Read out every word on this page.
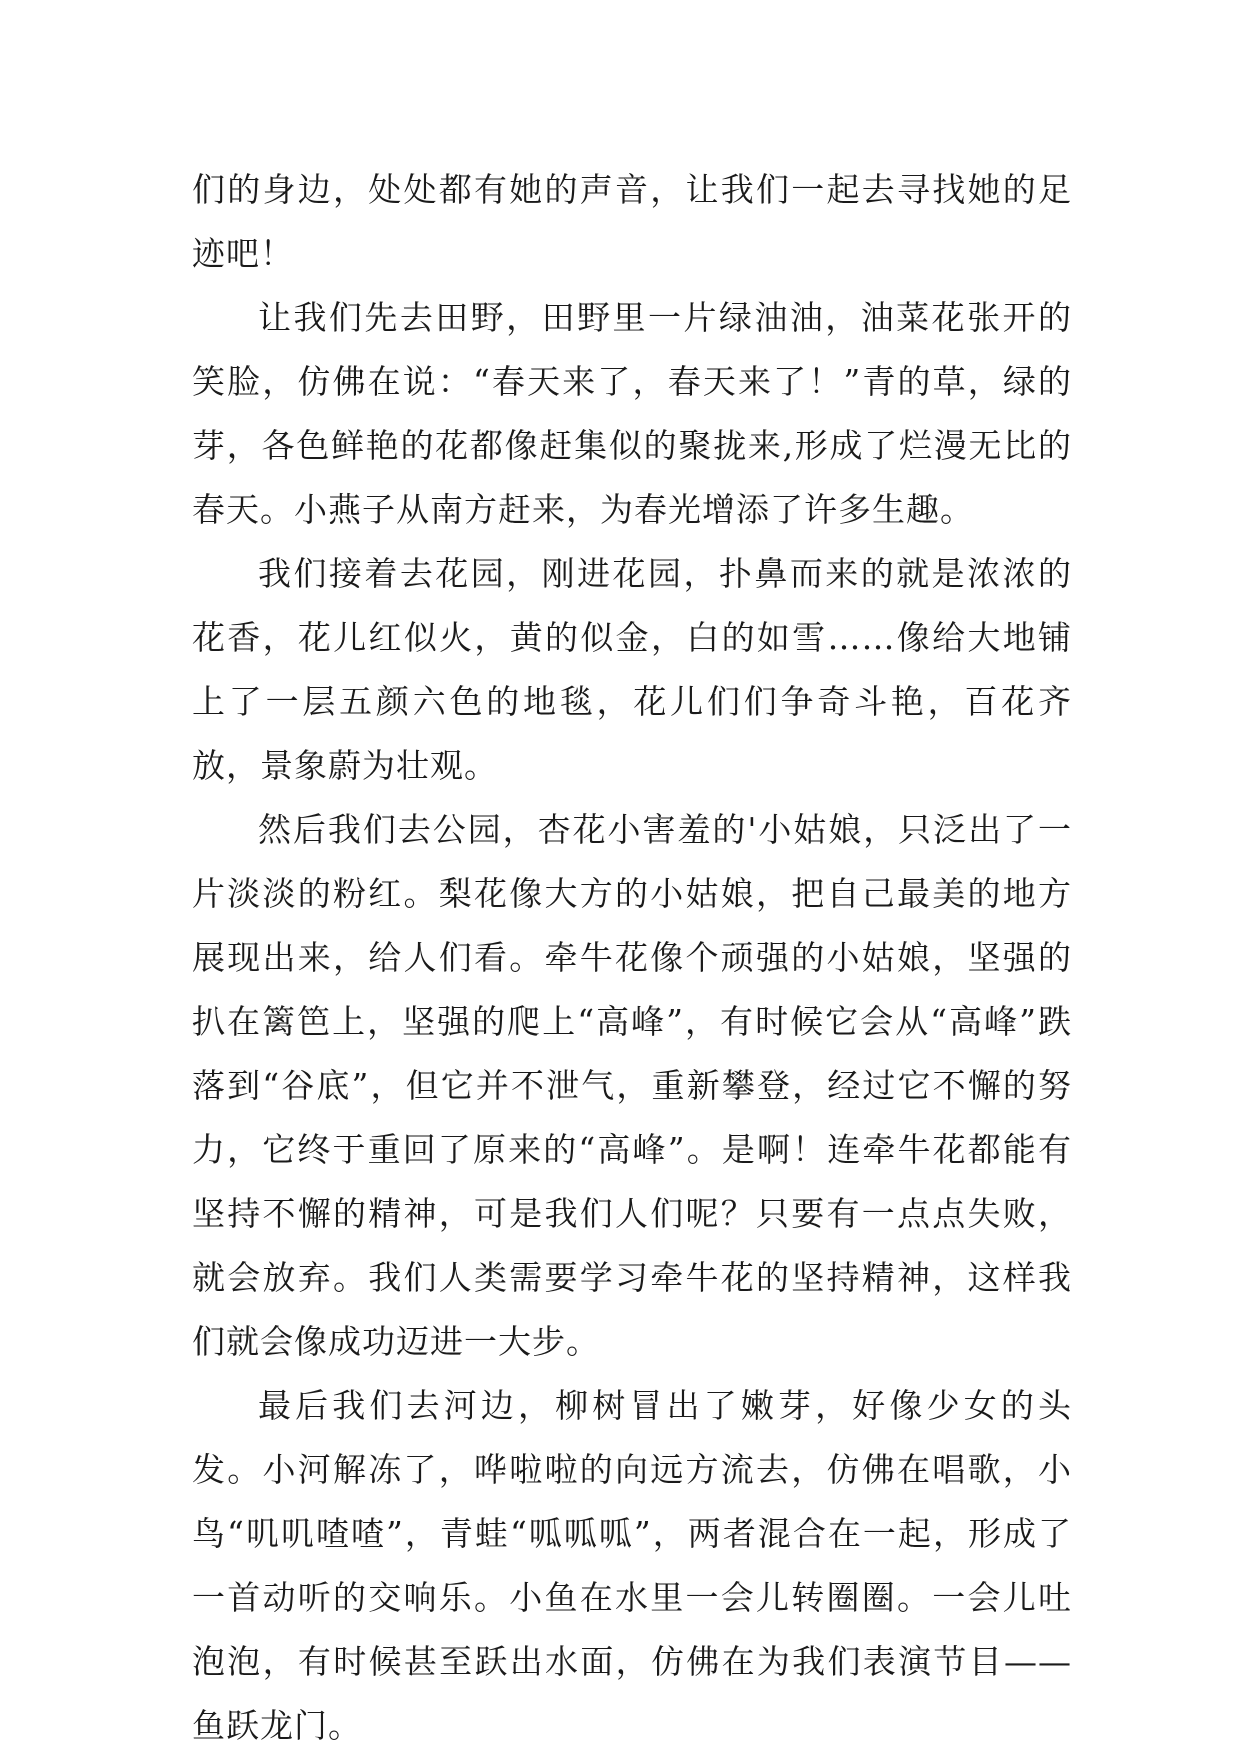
们的身边，处处都有她的声音，让我们一起去寻找她的足迹吧！

让我们先去田野，田野里一片绿油油，油菜花张开的笑脸，仿佛在说：“春天来了，春天来了！”青的草，绿的芽，各色鲜艳的花都像赶集似的聚拢来,形成了烂漫无比的春天。小燕子从南方赶来，为春光增添了许多生趣。

我们接着去花园，刚进花园，扑鼻而来的就是浓浓的花香，花儿红似火，黄的似金，白的如雪……像给大地铺上了一层五颜六色的地毯，花儿们们争奇斗艳，百花齐放，景象蔚为壮观。

然后我们去公园，杏花小害羞的'小姑娘，只泛出了一片淡淡的粉红。梨花像大方的小姑娘，把自己最美的地方展现出来，给人们看。牵牛花像个顽强的小姑娘，坚强的扒在篱笆上，坚强的爬上“高峰”，有时候它会从“高峰”跌落到“谷底”，但它并不泄气，重新攀登，经过它不懈的努力，它终于重回了原来的“高峰”。是啊！连牵牛花都能有坚持不懈的精神，可是我们人们呢？只要有一点点失败，就会放弃。我们人类需要学习牵牛花的坚持精神，这样我们就会像成功迈进一大步。

最后我们去河边，柳树冒出了嫩芽，好像少女的头发。小河解冻了，哗啦啦的向远方流去，仿佛在唱歌，小鸟“叽叽喳喳”，青蛙“呱呱呱”，两者混合在一起，形成了一首动听的交响乐。小鱼在水里一会儿转圈圈。一会儿吐泡泡，有时候甚至跃出水面，仿佛在为我们表演节目——鱼跃龙门。
